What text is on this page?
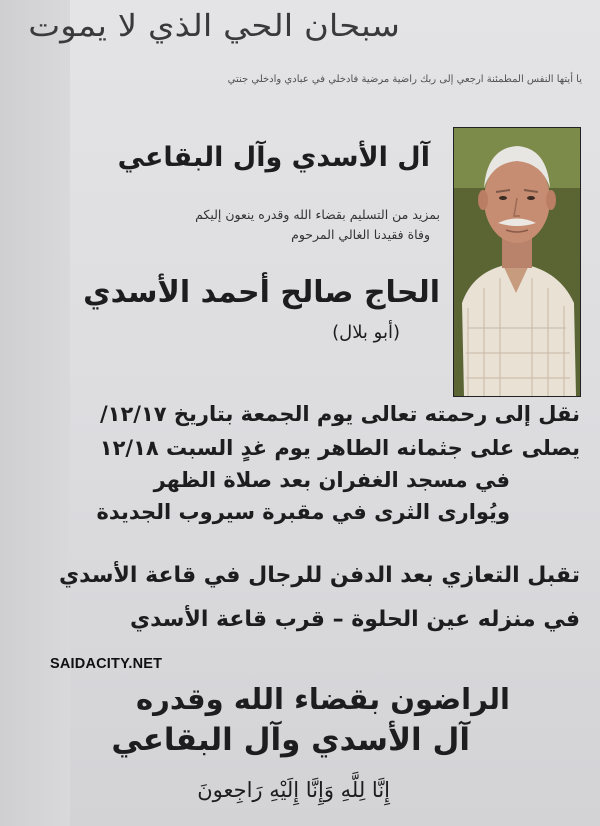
سبحان الحي الذي لا يموت
يا أيتها النفس المطمئنة ارجعي إلى ربك راضية مرضية فادخلي في عبادي وادخلي جنتي
آل الأسدي وآل البقاعي
بمزيد من التسليم بقضاء الله وقدره ينعون إليكم
وفاة فقيدنا الغالي المرحوم
الحاج صالح أحمد الأسدي
(أبو بلال)
نقل إلى رحمته تعالى يوم الجمعة بتاريخ ١٢/١٧/
يصلى على جثمانه الطاهر يوم غدٍ السبت ١٢/١٨
في مسجد الغفران بعد صلاة الظهر
ويُوارى الثرى في مقبرة سيروب الجديدة
تقبل التعازي بعد الدفن للرجال في قاعة الأسدي
في منزله عين الحلوة – قرب قاعة الأسدي
SAIDACITY.NET
الراضون بقضاء الله وقدره
آل الأسدي وآل البقاعي
إِنَّا لِلَّهِ وَإِنَّا إِلَيْهِ رَاجِعونَ
